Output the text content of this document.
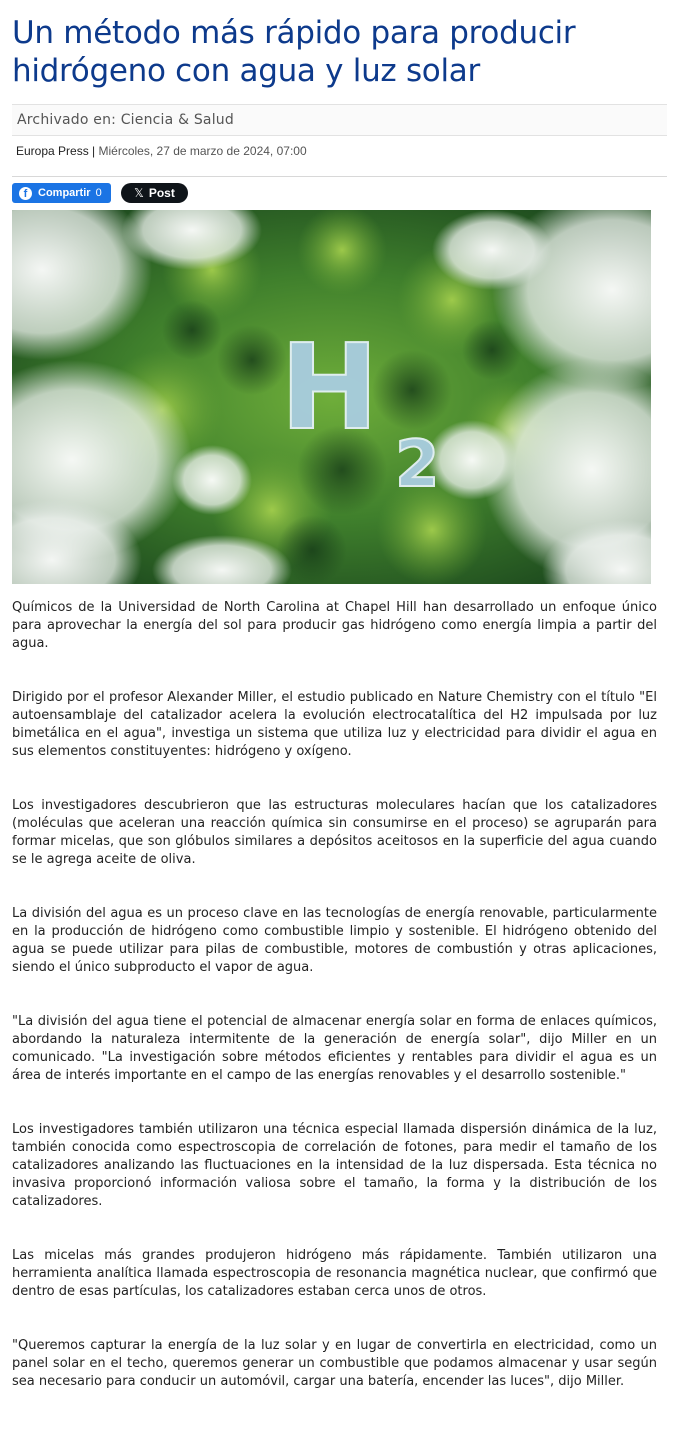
Un método más rápido para producir hidrógeno con agua y luz solar
Archivado en: Ciencia & Salud
Europa Press | Miércoles, 27 de marzo de 2024, 07:00
f Compartir 0	𝕏 Post
H
2

Químicos de la Universidad de North Carolina at Chapel Hill han desarrollado un enfoque único para aprovechar la energía del sol para producir gas hidrógeno como energía limpia a partir del agua.

Dirigido por el profesor Alexander Miller, el estudio publicado en Nature Chemistry con el título "El autoensamblaje del catalizador acelera la evolución electrocatalítica del H2 impulsada por luz bimetálica en el agua", investiga un sistema que utiliza luz y electricidad para dividir el agua en sus elementos constituyentes: hidrógeno y oxígeno.

Los investigadores descubrieron que las estructuras moleculares hacían que los catalizadores (moléculas que aceleran una reacción química sin consumirse en el proceso) se agruparán para formar micelas, que son glóbulos similares a depósitos aceitosos en la superficie del agua cuando se le agrega aceite de oliva.

La división del agua es un proceso clave en las tecnologías de energía renovable, particularmente en la producción de hidrógeno como combustible limpio y sostenible. El hidrógeno obtenido del agua se puede utilizar para pilas de combustible, motores de combustión y otras aplicaciones, siendo el único subproducto el vapor de agua.

"La división del agua tiene el potencial de almacenar energía solar en forma de enlaces químicos, abordando la naturaleza intermitente de la generación de energía solar", dijo Miller en un comunicado. "La investigación sobre métodos eficientes y rentables para dividir el agua es un área de interés importante en el campo de las energías renovables y el desarrollo sostenible."

Los investigadores también utilizaron una técnica especial llamada dispersión dinámica de la luz, también conocida como espectroscopia de correlación de fotones, para medir el tamaño de los catalizadores analizando las fluctuaciones en la intensidad de la luz dispersada. Esta técnica no invasiva proporcionó información valiosa sobre el tamaño, la forma y la distribución de los catalizadores.

Las micelas más grandes produjeron hidrógeno más rápidamente. También utilizaron una herramienta analítica llamada espectroscopia de resonancia magnética nuclear, que confirmó que dentro de esas partículas, los catalizadores estaban cerca unos de otros.

"Queremos capturar la energía de la luz solar y en lugar de convertirla en electricidad, como un panel solar en el techo, queremos generar un combustible que podamos almacenar y usar según sea necesario para conducir un automóvil, cargar una batería, encender las luces", dijo Miller.
